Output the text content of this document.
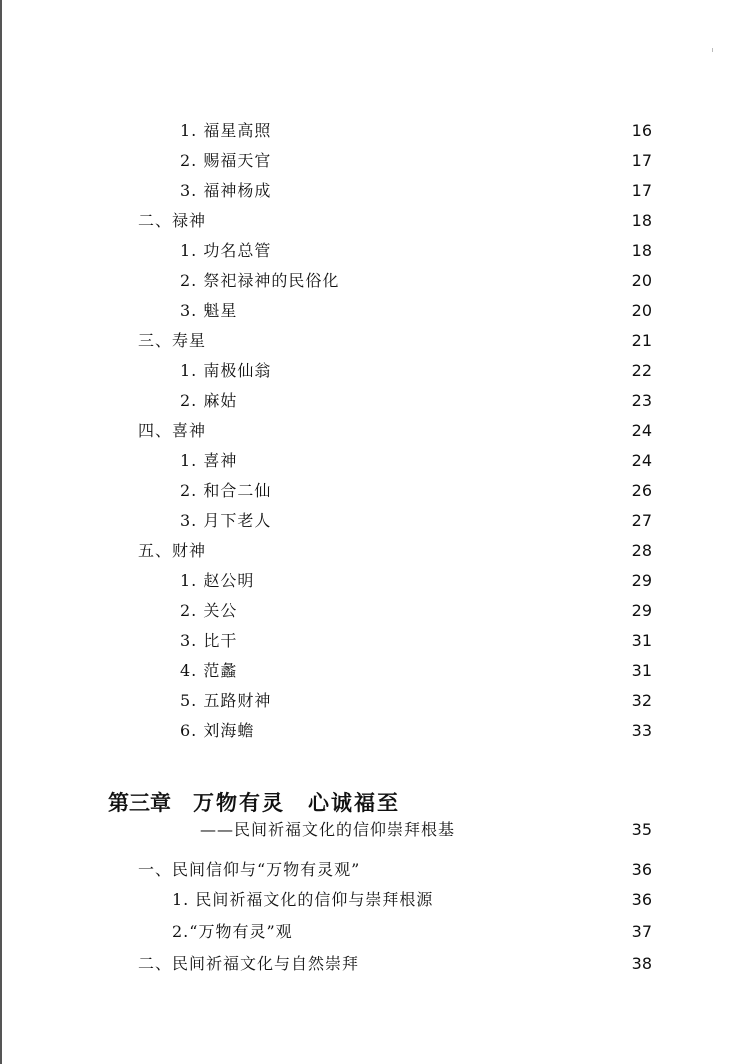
1. 福星高照	16
2. 赐福天官	17
3. 福神杨成	17
二、禄神	18
1. 功名总管	18
2. 祭祀禄神的民俗化	20
3. 魁星	20
三、寿星	21
1. 南极仙翁	22
2. 麻姑	23
四、喜神	24
1. 喜神	24
2. 和合二仙	26
3. 月下老人	27
五、财神	28
1. 赵公明	29
2. 关公	29
3. 比干	31
4. 范蠡	31
5. 五路财神	32
6. 刘海蟾	33
第三章 万物有灵　心诚福至
——民间祈福文化的信仰崇拜根基	35
一、民间信仰与“万物有灵观”	36
1. 民间祈福文化的信仰与崇拜根源	36
2.“万物有灵”观	37
二、民间祈福文化与自然崇拜	38
